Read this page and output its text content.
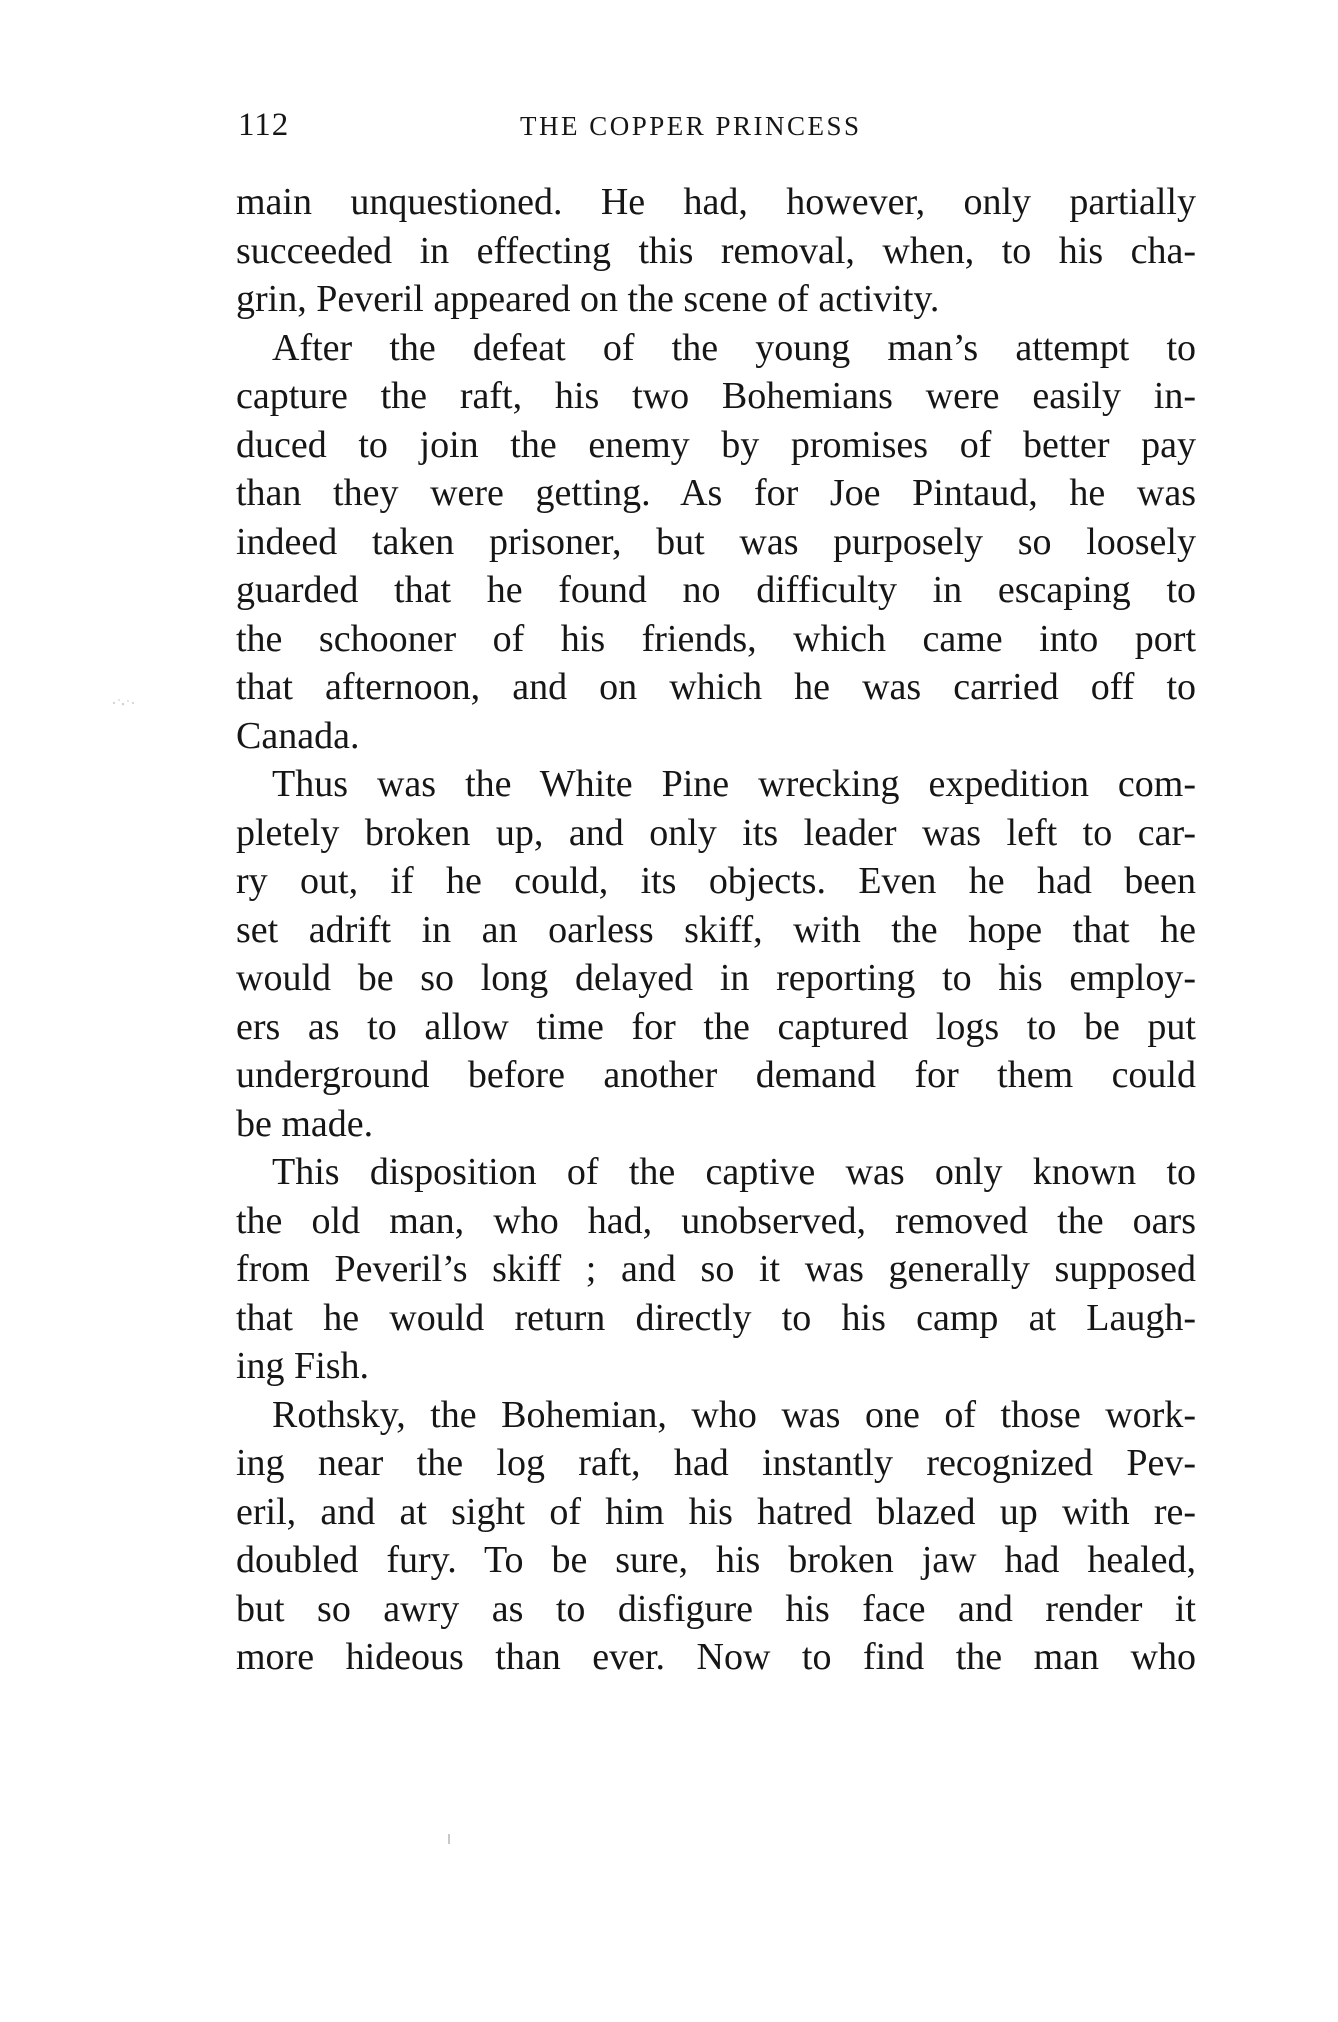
112	THE COPPER PRINCESS
main unquestioned. He had, however, only partially
succeeded in effecting this removal, when, to his cha-
grin, Peveril appeared on the scene of activity.
After the defeat of the young man’s attempt to
capture the raft, his two Bohemians were easily in-
duced to join the enemy by promises of better pay
than they were getting. As for Joe Pintaud, he was
indeed taken prisoner, but was purposely so loosely
guarded that he found no difficulty in escaping to
the schooner of his friends, which came into port
that afternoon, and on which he was carried off to
Canada.
Thus was the White Pine wrecking expedition com-
pletely broken up, and only its leader was left to car-
ry out, if he could, its objects. Even he had been
set adrift in an oarless skiff, with the hope that he
would be so long delayed in reporting to his employ-
ers as to allow time for the captured logs to be put
underground before another demand for them could
be made.
This disposition of the captive was only known to
the old man, who had, unobserved, removed the oars
from Peveril’s skiff ; and so it was generally supposed
that he would return directly to his camp at Laugh-
ing Fish.
Rothsky, the Bohemian, who was one of those work-
ing near the log raft, had instantly recognized Pev-
eril, and at sight of him his hatred blazed up with re-
doubled fury. To be sure, his broken jaw had healed,
but so awry as to disfigure his face and render it
more hideous than ever. Now to find the man who
